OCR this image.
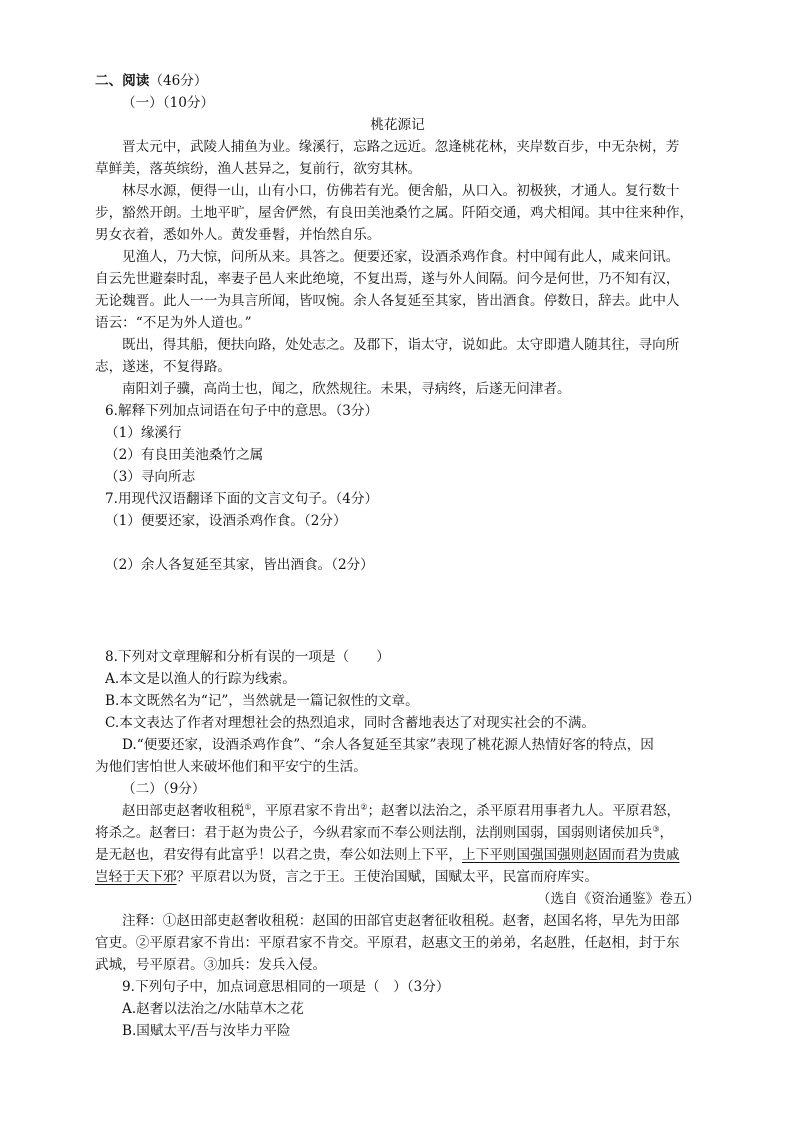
二、阅读（46分）
（一）（10分）
桃花源记
晋太元中，武陵人捕鱼为业。缘溪行，忘路之远近。忽逢桃花林，夹岸数百步，中无杂树，芳
草鲜美，落英缤纷，渔人甚异之，复前行，欲穷其林。
林尽水源，便得一山，山有小口，仿佛若有光。便舍船，从口入。初极狭，才通人。复行数十
步，豁然开朗。土地平旷，屋舍俨然，有良田美池桑竹之属。阡陌交通，鸡犬相闻。其中往来种作，
男女衣着，悉如外人。黄发垂髫，并怡然自乐。
见渔人，乃大惊，问所从来。具答之。便要还家，设酒杀鸡作食。村中闻有此人，咸来问讯。
自云先世避秦时乱，率妻子邑人来此绝境，不复出焉，遂与外人间隔。问今是何世，乃不知有汉，
无论魏晋。此人一一为具言所闻，皆叹惋。余人各复延至其家，皆出酒食。停数日，辞去。此中人
语云：“不足为外人道也。”
既出，得其船，便扶向路，处处志之。及郡下，诣太守，说如此。太守即遣人随其往，寻向所
志，遂迷，不复得路。
南阳刘子骥，高尚士也，闻之，欣然规往。未果，寻病终，后遂无问津者。
6.解释下列加点词语在句子中的意思。（3分）
（1）缘溪行
（2）有良田美池桑竹之属
（3）寻向所志
7.用现代汉语翻译下面的文言文句子。（4分）
（1）便要还家，设酒杀鸡作食。（2分）
（2）余人各复延至其家，皆出酒食。（2分）
8.下列对文章理解和分析有误的一项是（　　）
A.本文是以渔人的行踪为线索。
B.本文既然名为“记”，当然就是一篇记叙性的文章。
C.本文表达了作者对理想社会的热烈追求，同时含蓄地表达了对现实社会的不满。
D.“便要还家，设酒杀鸡作食”、“余人各复延至其家”表现了桃花源人热情好客的特点，因
为他们害怕世人来破坏他们和平安宁的生活。
（二）（9分）
赵田部吏赵奢收租税①，平原君家不肯出②；赵奢以法治之，杀平原君用事者九人。平原君怒，
将杀之。赵奢曰：君于赵为贵公子，今纵君家而不奉公则法削，法削则国弱，国弱则诸侯加兵③，
是无赵也，君安得有此富乎！以君之贵，奉公如法则上下平，上下平则国强国强则赵固而君为贵戚
岂轻于天下邪？平原君以为贤，言之于王。王使治国赋，国赋太平，民富而府库实。
（选自《资治通鉴》卷五）
注释：①赵田部吏赵奢收租税：赵国的田部官吏赵奢征收租税。赵奢，赵国名将，早先为田部
官吏。②平原君家不肯出：平原君家不肯交。平原君，赵惠文王的弟弟，名赵胜，任赵相，封于东
武城，号平原君。③加兵：发兵入侵。
9.下列句子中，加点词意思相同的一项是（　）（3分）
A.赵奢以法治之/水陆草木之花
B.国赋太平/吾与汝毕力平险
